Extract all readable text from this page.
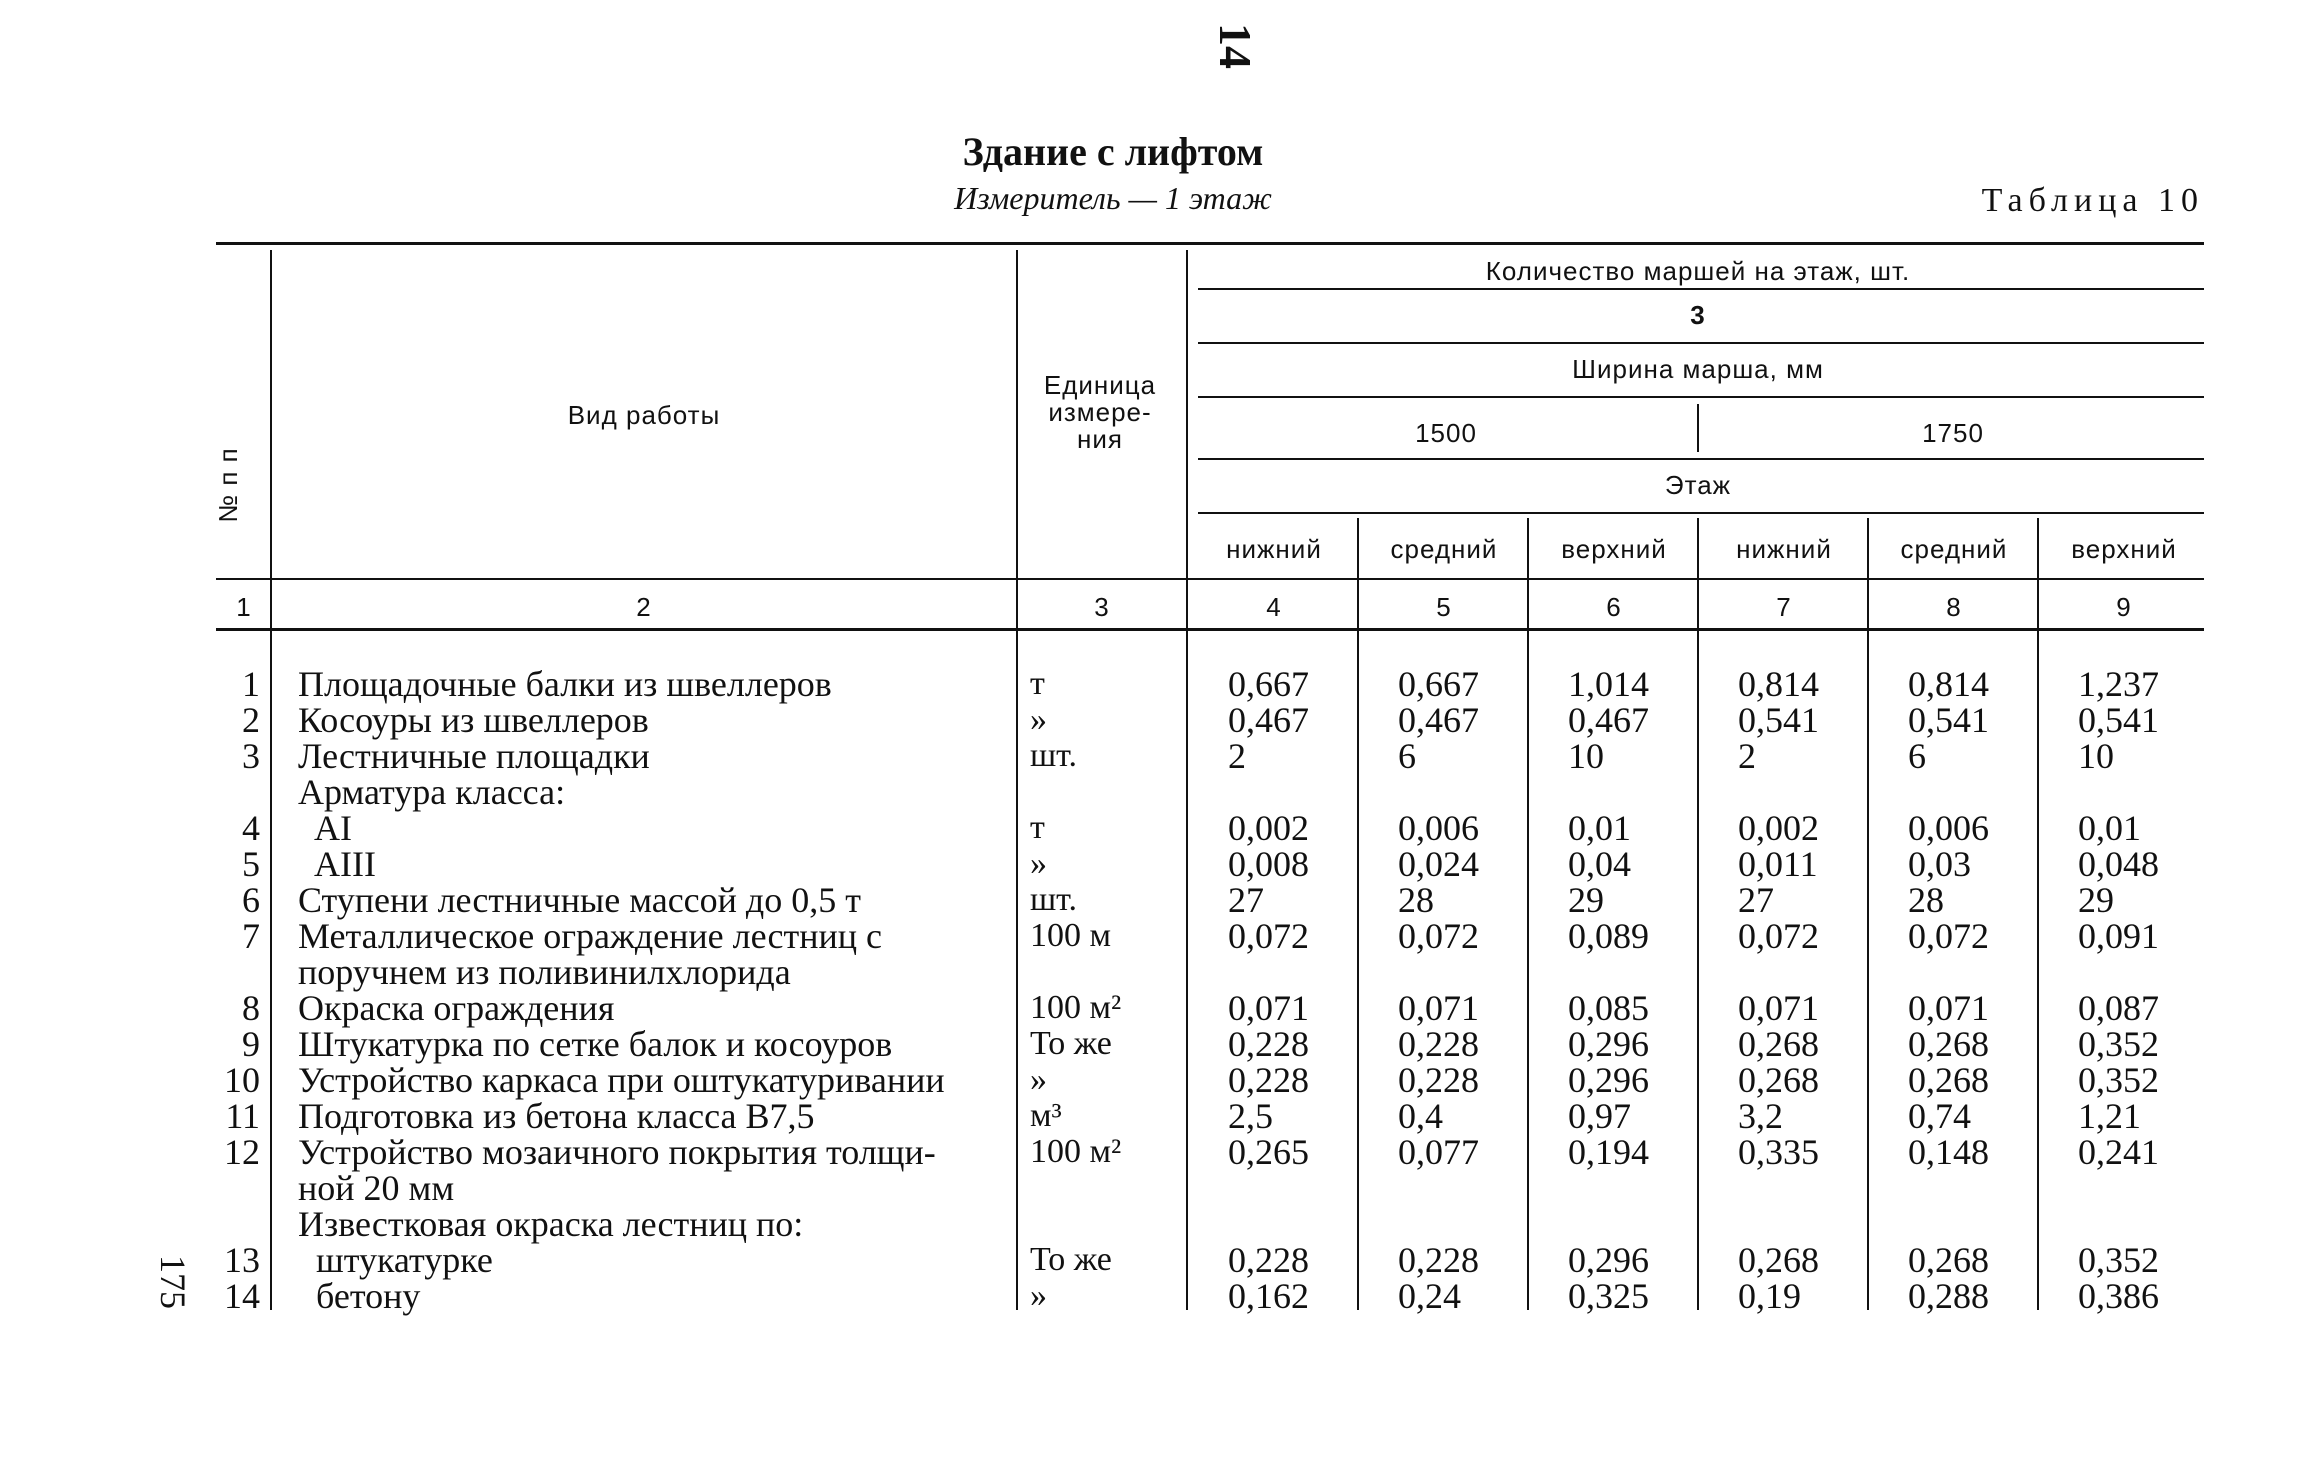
14
175
Здание с лифтом
Измеритель — 1 этаж	Таблица 10
№ п п
Вид работы
Единица измере-ния
Количество маршей на этаж, шт.
3
Ширина марша, мм
1500	1750
Этаж
нижний	средний	верхний	нижний	средний	верхний
1	2	3	4	5	6	7	8	9
1 Площадочные балки из швеллеров	т	0,667 0,667 1,014 0,814 0,814 1,237
2 Косоуры из швеллеров	»	0,467 0,467 0,467 0,541 0,541 0,541
3 Лестничные площадки	шт.	2	6	10	2	6	10
Арматура класса:
4 AI	т	0,002 0,006 0,01	0,002 0,006 0,01
5 AIII	»	0,008 0,024 0,04	0,011	0,03	0,048
6 Ступени лестничные массой до 0,5 т	шт.	27	28	29	27	28	29
7 Металлическое ограждение лестниц с	100 м	0,072 0,072 0,089 0,072 0,072 0,091
поручнем из поливинилхлорида
8 Окраска ограждения	100 м²	0,071 0,071 0,085 0,071 0,071 0,087
9 Штукатурка по сетке балок и косоуров	То же	0,228 0,228 0,296 0,268 0,268 0,352
10 Устройство каркаса при оштукатуривании	»	0,228 0,228 0,296 0,268 0,268 0,352
11 Подготовка из бетона класса В7,5	м³	2,5	0,4	0,97	3,2	0,74	1,21
12 Устройство мозаичного покрытия толщи-	100 м²	0,265 0,077 0,194 0,335 0,148 0,241
ной 20 мм
Известковая окраска лестниц по:
13 штукатурке	То же	0,228 0,228 0,296 0,268 0,268 0,352
14 бетону	»	0,162 0,24	0,325 0,19	0,288 0,386
